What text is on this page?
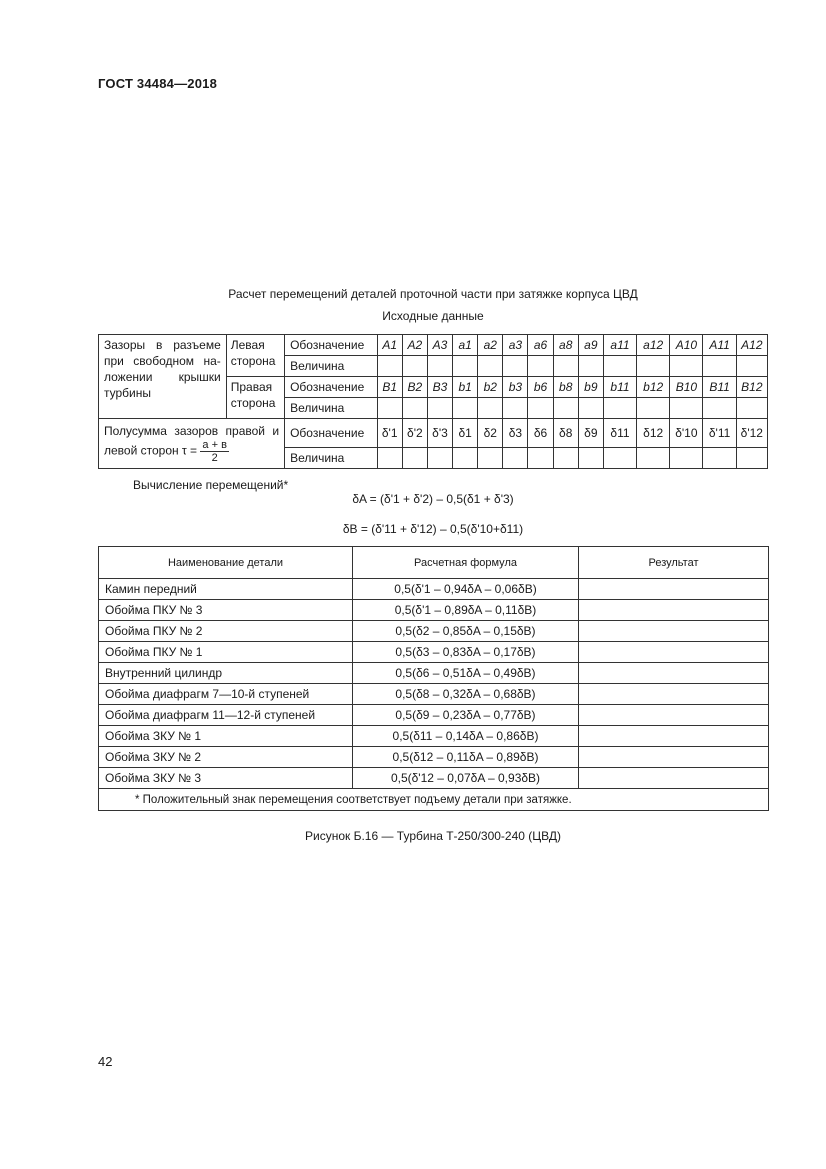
ГОСТ 34484—2018
Расчет перемещений деталей проточной части при затяжке корпуса ЦВД
Исходные данные
Зазоры в разъеме при свободном на-ложении крышки турбины	Левая сторона	Обозначение	A1	A2	A3	a1	a2	a3	a6	a8	a9	a11	a12	A10	A11	A12
		Величина														
	Правая сторона	Обозначение	B1	B2	B3	b1	b2	b3	b6	b8	b9	b11	b12	B10	B11	B12
		Величина														
Полусумма зазоров правой и левой сторон $\tau = \frac{a + в}{2}$		Обозначение	δ'1	δ'2	δ'3	δ1	δ2	δ3	δ6	δ8	δ9	δ11	δ12	δ'10	δ'11	δ'12
		Величина														
Вычисление перемещений*
δA = (δ'1 + δ'2) – 0,5(δ1 + δ'3)
δB = (δ'11 + δ'12) – 0,5(δ'10+δ11)
Наименование детали	Расчетная формула	Результат
Камин передний	0,5(δ'1 – 0,94δA – 0,06δB)	
Обойма ПКУ № 3	0,5(δ'1 – 0,89δA – 0,11δB)	
Обойма ПКУ № 2	0,5(δ2 – 0,85δA – 0,15δB)	
Обойма ПКУ № 1	0,5(δ3 – 0,83δA – 0,17δB)	
Внутренний цилиндр	0,5(δ6 – 0,51δA – 0,49δB)	
Обойма диафрагм 7—10-й ступеней	0,5(δ8 – 0,32δA – 0,68δB)	
Обойма диафрагм 11—12-й ступеней	0,5(δ9 – 0,23δA – 0,77δB)	
Обойма ЗКУ № 1	0,5(δ11 – 0,14δA – 0,86δB)	
Обойма ЗКУ № 2	0,5(δ12 – 0,11δA – 0,89δB)	
Обойма ЗКУ № 3	0,5(δ'12 – 0,07δA – 0,93δB)	
* Положительный знак перемещения соответствует подъему детали при затяжке.		
Рисунок Б.16 — Турбина Т-250/300-240 (ЦВД)
42
